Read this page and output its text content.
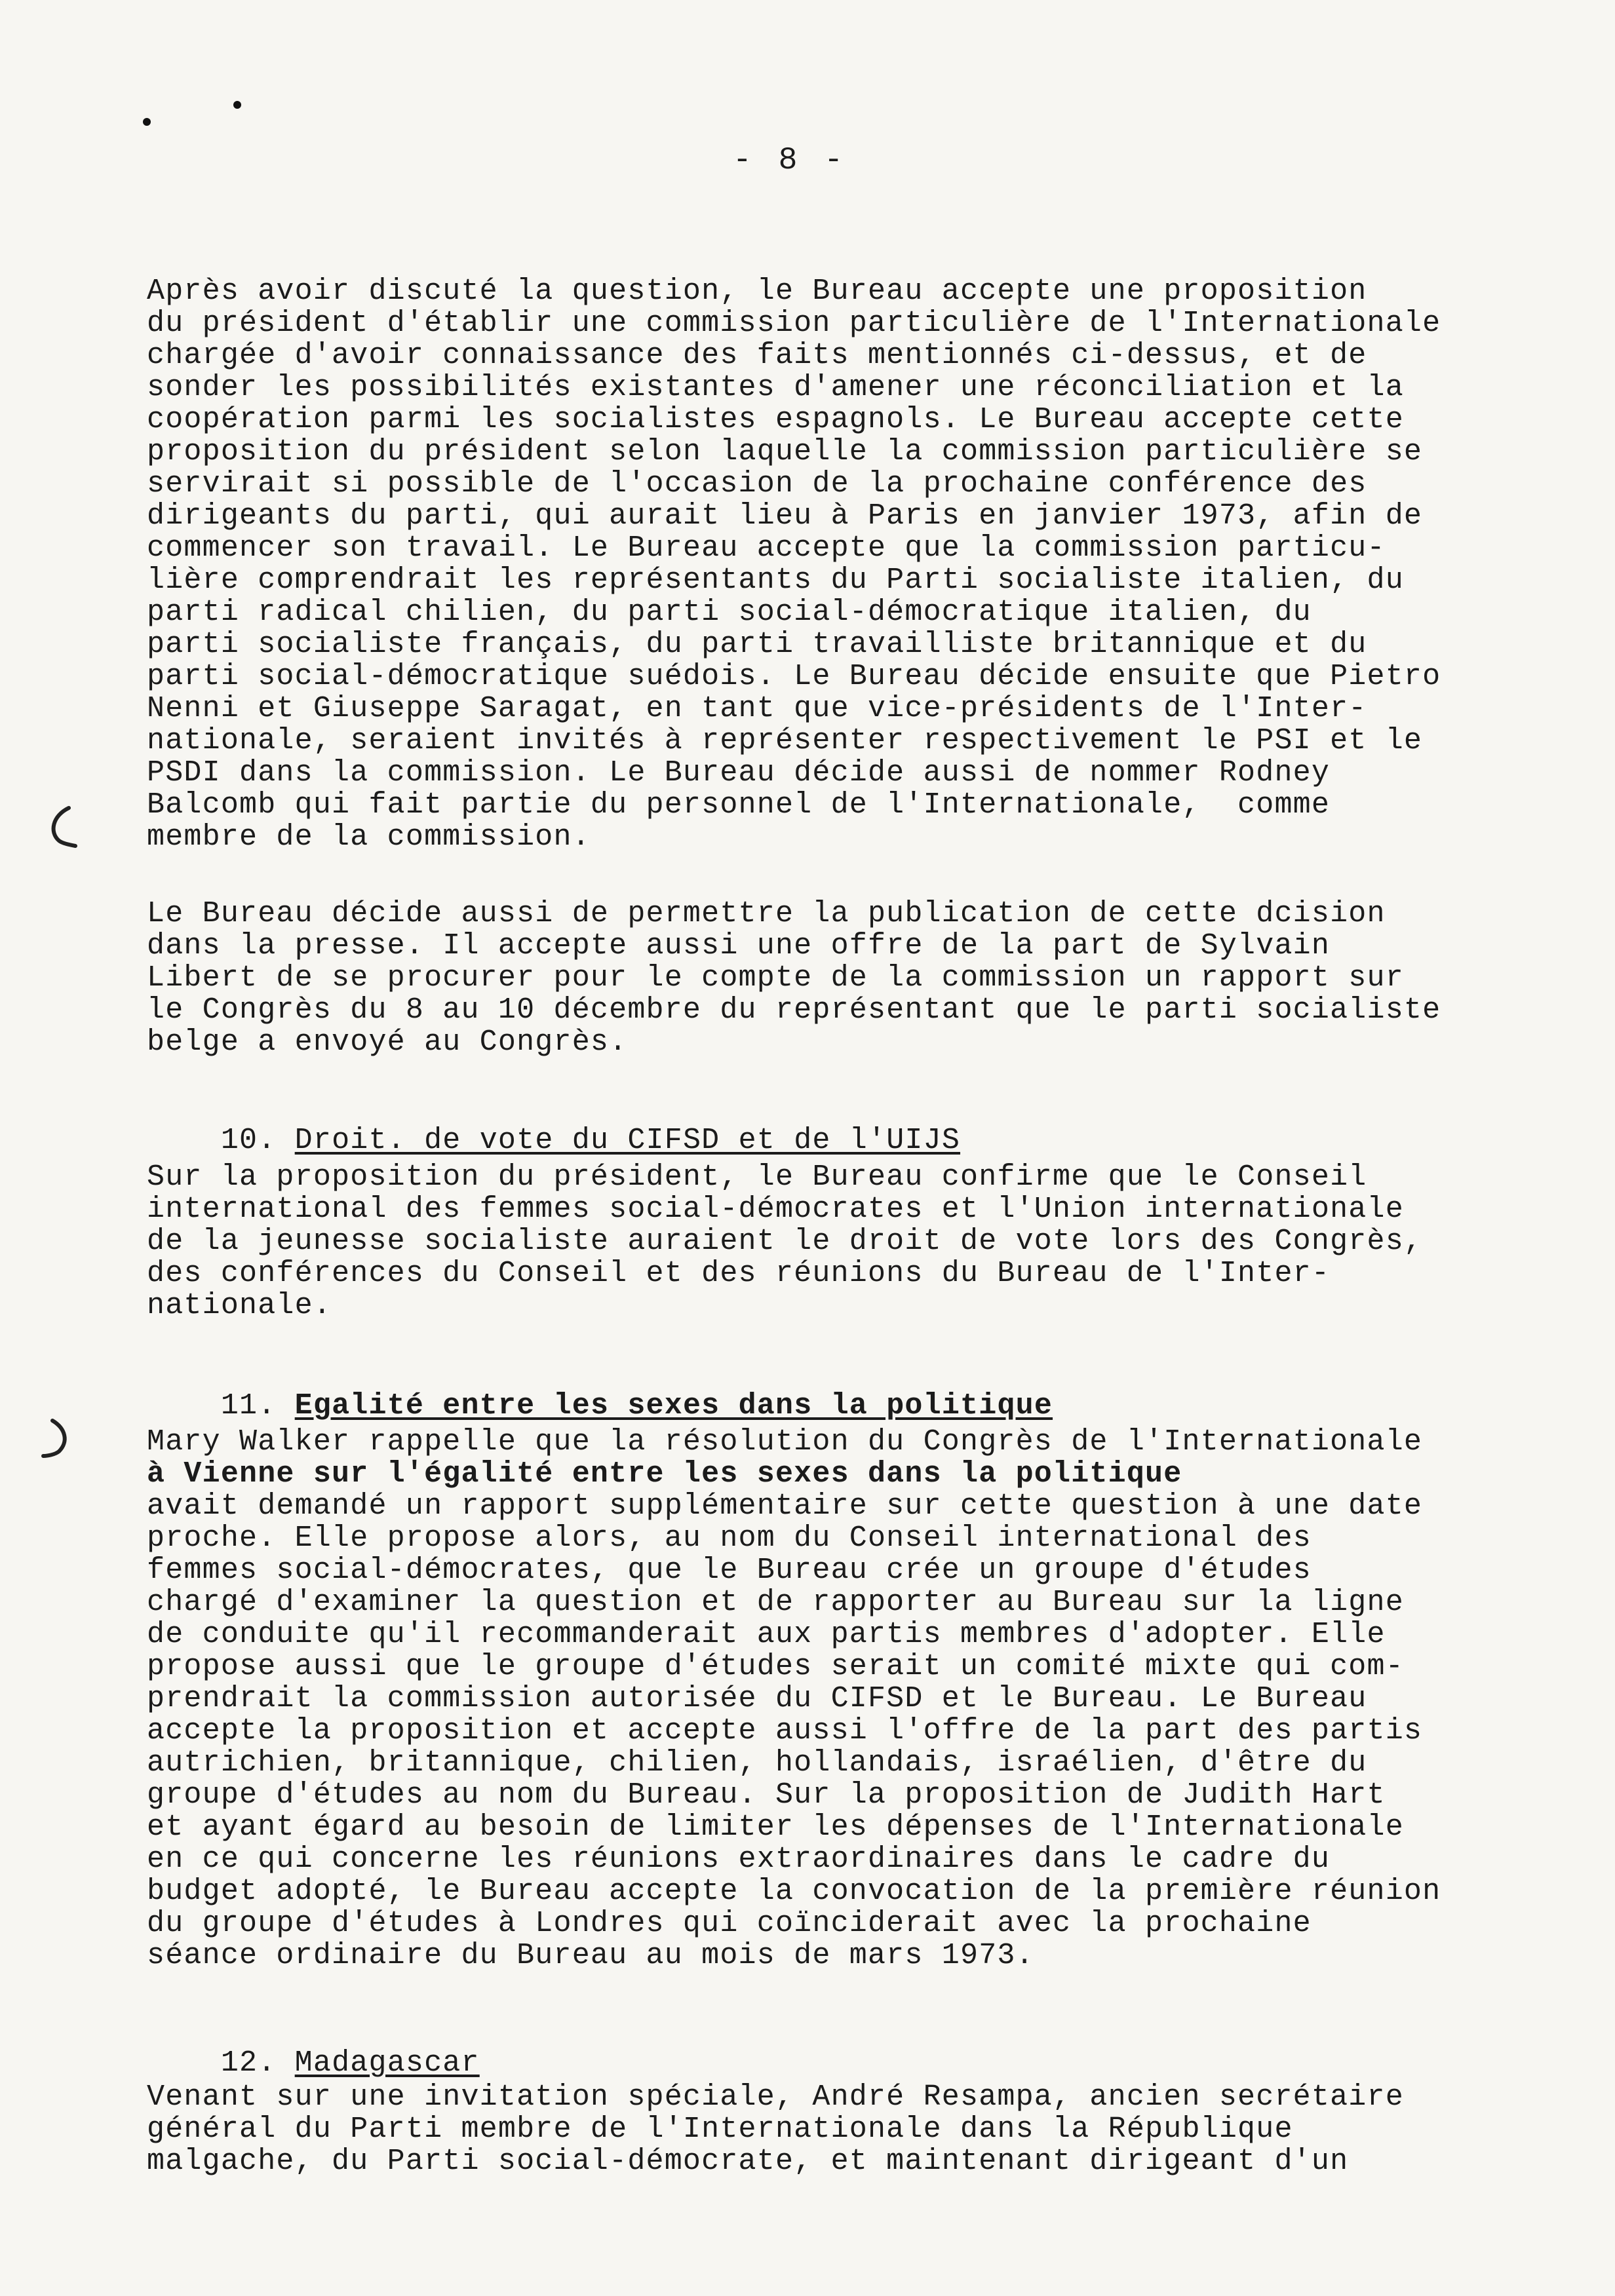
- 8 -
Après avoir discuté la question, le Bureau accepte une proposition
du président d'établir une commission particulière de l'Internationale
chargée d'avoir connaissance des faits mentionnés ci-dessus, et de
sonder les possibilités existantes d'amener une réconciliation et la
coopération parmi les socialistes espagnols. Le Bureau accepte cette
proposition du président selon laquelle la commission particulière se
servirait si possible de l'occasion de la prochaine conférence des
dirigeants du parti, qui aurait lieu à Paris en janvier 1973, afin de
commencer son travail. Le Bureau accepte que la commission particu-
lière comprendrait les représentants du Parti socialiste italien, du
parti radical chilien, du parti social-démocratique italien, du
parti socialiste français, du parti travailliste britannique et du
parti social-démocratique suédois. Le Bureau décide ensuite que Pietro
Nenni et Giuseppe Saragat, en tant que vice-présidents de l'Inter-
nationale, seraient invités à représenter respectivement le PSI et le
PSDI dans la commission. Le Bureau décide aussi de nommer Rodney
Balcomb qui fait partie du personnel de l'Internationale,  comme
membre de la commission.
Le Bureau décide aussi de permettre la publication de cette dcision
dans la presse. Il accepte aussi une offre de la part de Sylvain
Libert de se procurer pour le compte de la commission un rapport sur
le Congrès du 8 au 10 décembre du représentant que le parti socialiste
belge a envoyé au Congrès.

10. Droit. de vote du CIFSD et de l'UIJS

Sur la proposition du président, le Bureau confirme que le Conseil
international des femmes social-démocrates et l'Union internationale
de la jeunesse socialiste auraient le droit de vote lors des Congrès,
des conférences du Conseil et des réunions du Bureau de l'Inter-
nationale.

11. Egalité entre les sexes dans la politique

Mary Walker rappelle que la résolution du Congrès de l'Internationale
à Vienne sur l'égalité entre les sexes dans la politique
avait demandé un rapport supplémentaire sur cette question à une date
proche. Elle propose alors, au nom du Conseil international des
femmes social-démocrates, que le Bureau crée un groupe d'études
chargé d'examiner la question et de rapporter au Bureau sur la ligne
de conduite qu'il recommanderait aux partis membres d'adopter. Elle
propose aussi que le groupe d'études serait un comité mixte qui com-
prendrait la commission autorisée du CIFSD et le Bureau. Le Bureau
accepte la proposition et accepte aussi l'offre de la part des partis
autrichien, britannique, chilien, hollandais, israélien, d'être du
groupe d'études au nom du Bureau. Sur la proposition de Judith Hart
et ayant égard au besoin de limiter les dépenses de l'Internationale
en ce qui concerne les réunions extraordinaires dans le cadre du
budget adopté, le Bureau accepte la convocation de la première réunion
du groupe d'études à Londres qui coïnciderait avec la prochaine
séance ordinaire du Bureau au mois de mars 1973.

12. Madagascar

Venant sur une invitation spéciale, André Resampa, ancien secrétaire
général du Parti membre de l'Internationale dans la République
malgache, du Parti social-démocrate, et maintenant dirigeant d'un
